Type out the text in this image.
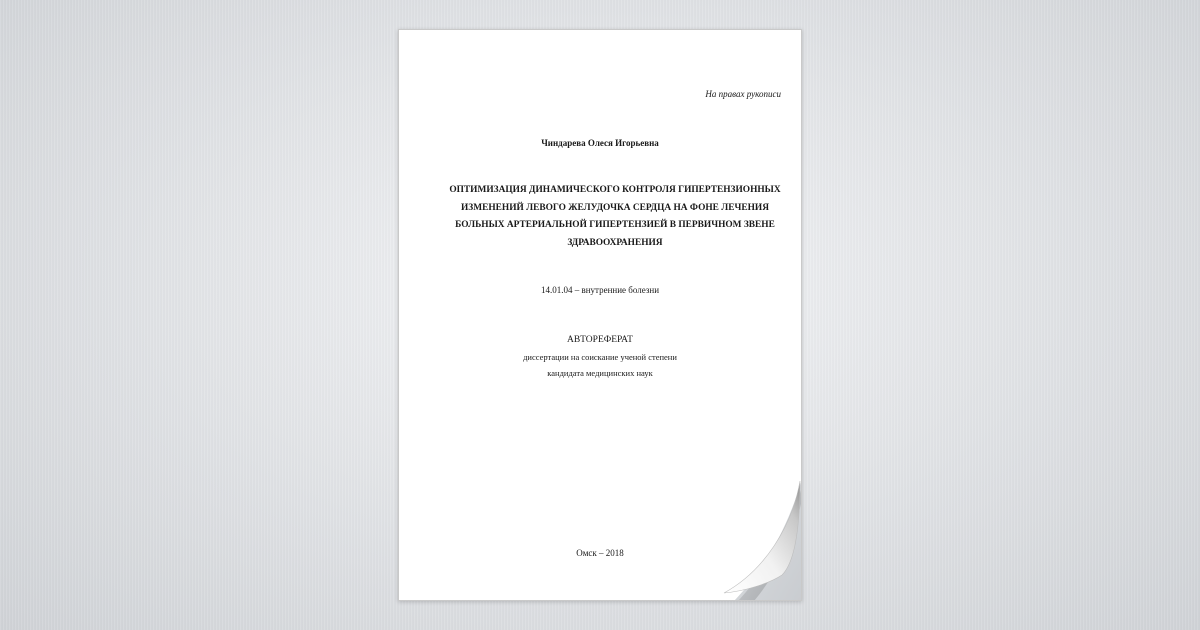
На правах рукописи

Чиндарева Олеся Игорьевна

ОПТИМИЗАЦИЯ ДИНАМИЧЕСКОГО КОНТРОЛЯ ГИПЕРТЕНЗИОННЫХ
ИЗМЕНЕНИЙ ЛЕВОГО ЖЕЛУДОЧКА СЕРДЦА НА ФОНЕ ЛЕЧЕНИЯ
БОЛЬНЫХ АРТЕРИАЛЬНОЙ ГИПЕРТЕНЗИЕЙ В ПЕРВИЧНОМ ЗВЕНЕ
ЗДРАВООХРАНЕНИЯ

14.01.04 – внутренние болезни

АВТОРЕФЕРАТ

диссертации на соискание ученой степени

кандидата медицинских наук

Омск – 2018
